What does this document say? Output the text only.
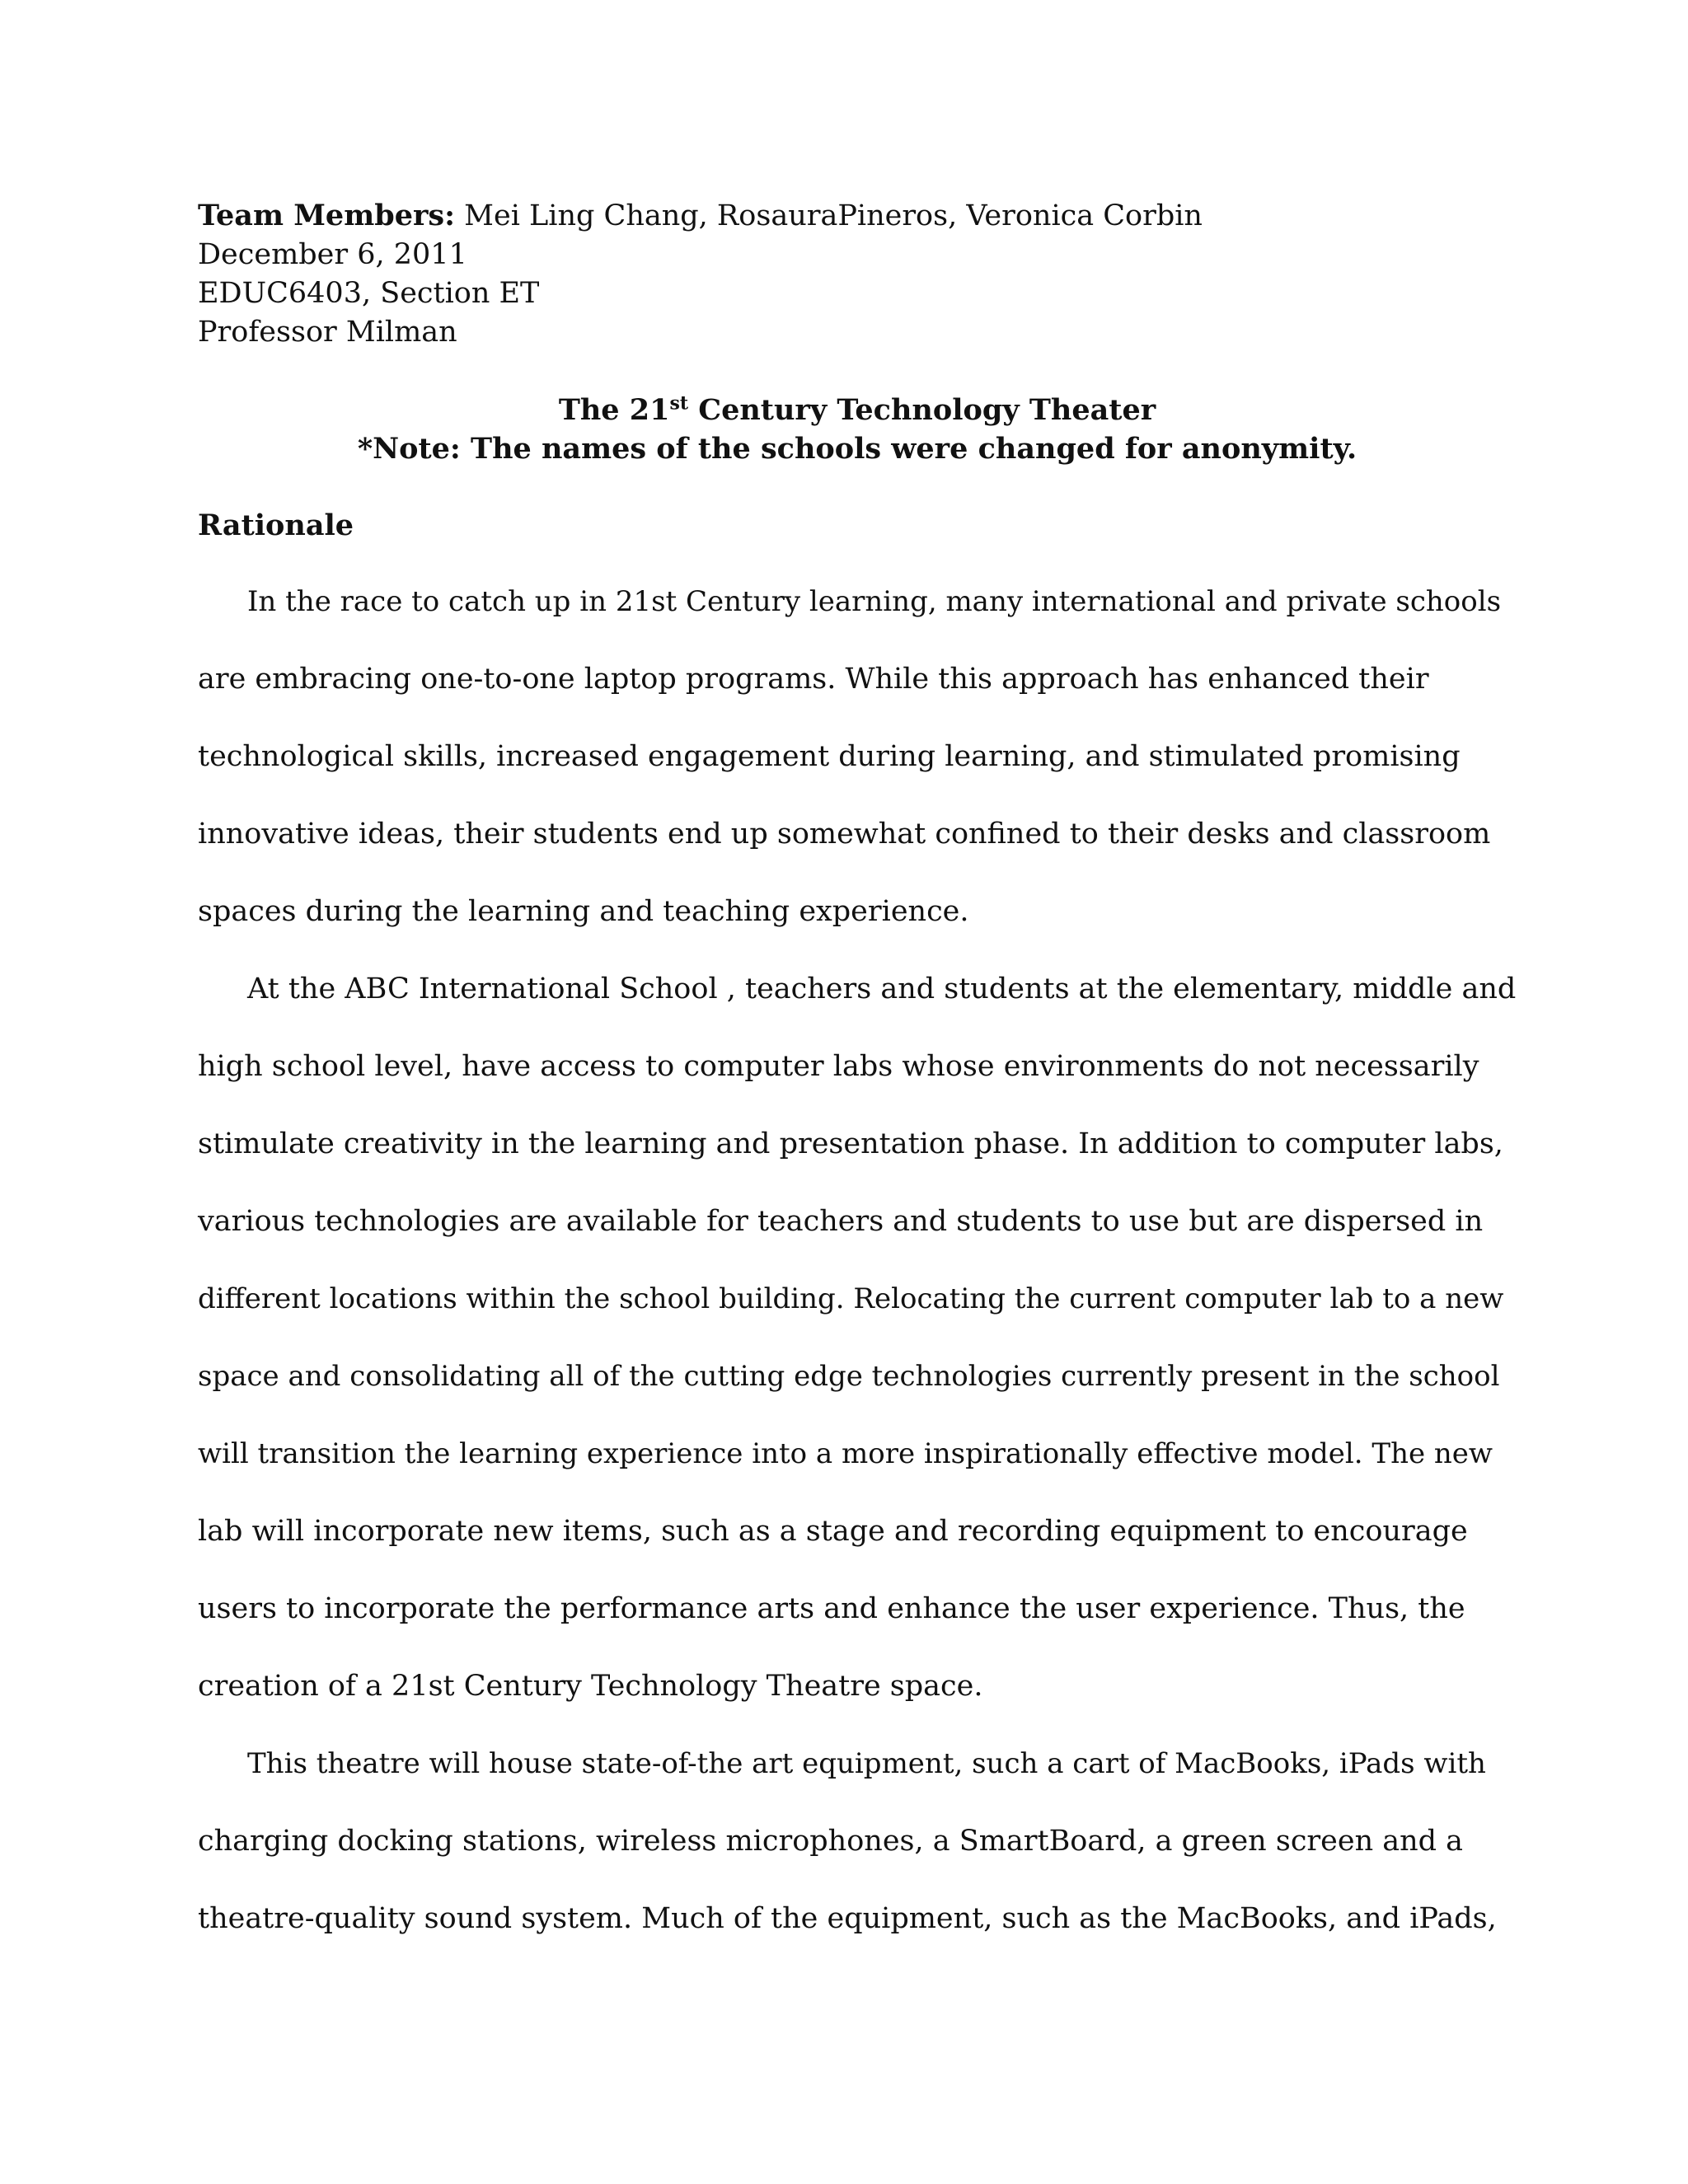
Team Members: Mei Ling Chang, RosauraPineros, Veronica Corbin
December 6, 2011
EDUC6403, Section ET
Professor Milman
The 21st Century Technology Theater
*Note: The names of the schools were changed for anonymity.
Rationale
In the race to catch up in 21st Century learning, many international and private schools
are embracing one-to-one laptop programs. While this approach has enhanced their
technological skills, increased engagement during learning, and stimulated promising
innovative ideas, their students end up somewhat confined to their desks and classroom
spaces during the learning and teaching experience.
At the ABC International School , teachers and students at the elementary, middle and
high school level, have access to computer labs whose environments do not necessarily
stimulate creativity in the learning and presentation phase. In addition to computer labs,
various technologies are available for teachers and students to use but are dispersed in
different locations within the school building. Relocating the current computer lab to a new
space and consolidating all of the cutting edge technologies currently present in the school
will transition the learning experience into a more inspirationally effective model. The new
lab will incorporate new items, such as a stage and recording equipment to encourage
users to incorporate the performance arts and enhance the user experience. Thus, the
creation of a 21st Century Technology Theatre space.
This theatre will house state-of-the art equipment, such a cart of MacBooks, iPads with
charging docking stations, wireless microphones, a SmartBoard, a green screen and a
theatre-quality sound system. Much of the equipment, such as the MacBooks, and iPads,
